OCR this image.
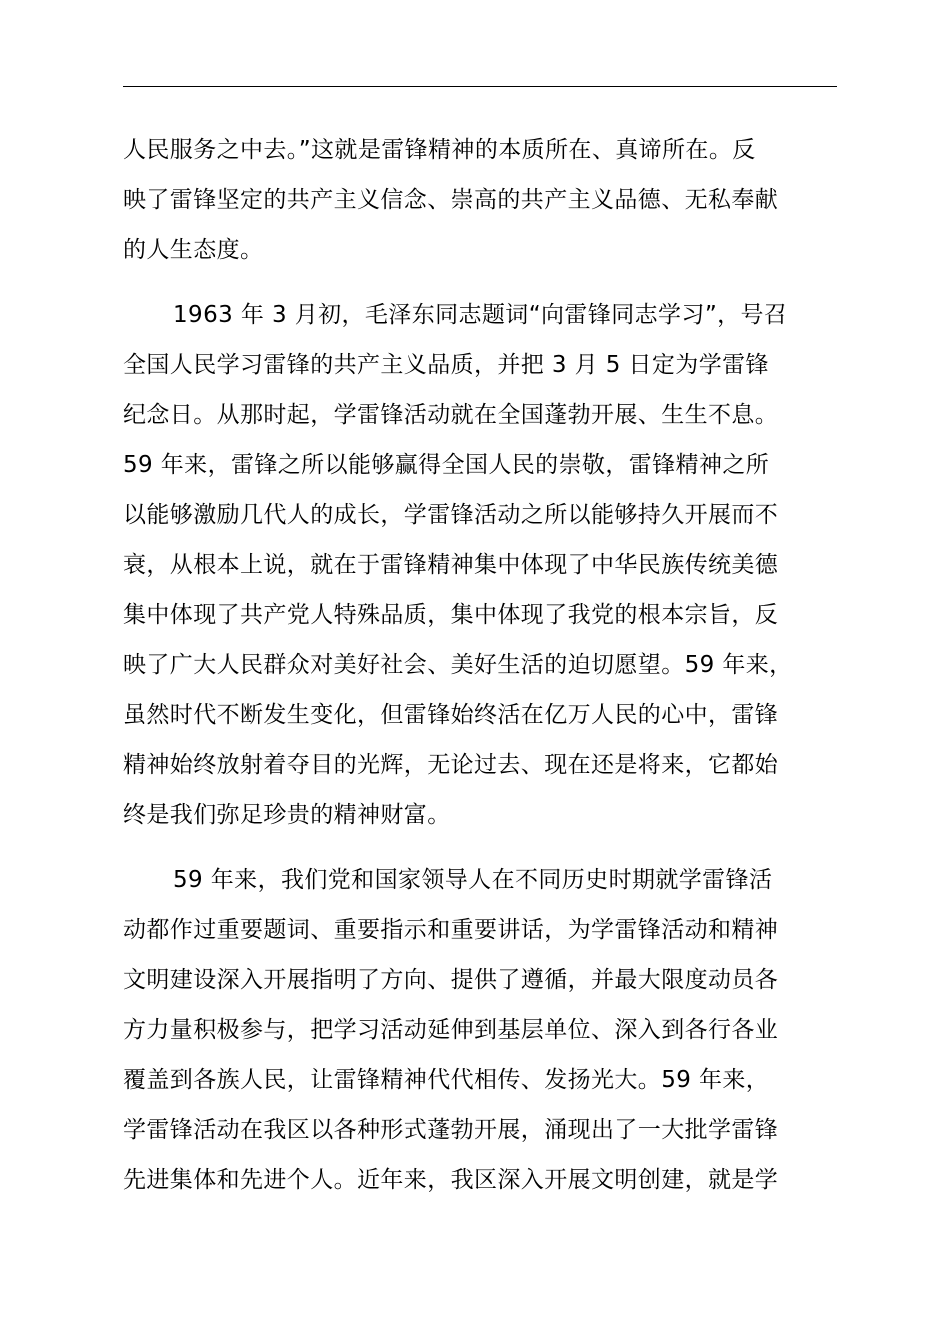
人民服务之中去。”这就是雷锋精神的本质所在、真谛所在。反
映了雷锋坚定的共产主义信念、崇高的共产主义品德、无私奉献
的人生态度。

1963 年 3 月初，毛泽东同志题词“向雷锋同志学习”，号召
全国人民学习雷锋的共产主义品质，并把 3 月 5 日定为学雷锋
纪念日。从那时起，学雷锋活动就在全国蓬勃开展、生生不息。
59 年来，雷锋之所以能够赢得全国人民的崇敬，雷锋精神之所
以能够激励几代人的成长，学雷锋活动之所以能够持久开展而不
衰，从根本上说，就在于雷锋精神集中体现了中华民族传统美德
集中体现了共产党人特殊品质，集中体现了我党的根本宗旨，反
映了广大人民群众对美好社会、美好生活的迫切愿望。59 年来，
虽然时代不断发生变化，但雷锋始终活在亿万人民的心中，雷锋
精神始终放射着夺目的光辉，无论过去、现在还是将来，它都始
终是我们弥足珍贵的精神财富。

59 年来，我们党和国家领导人在不同历史时期就学雷锋活
动都作过重要题词、重要指示和重要讲话，为学雷锋活动和精神
文明建设深入开展指明了方向、提供了遵循，并最大限度动员各
方力量积极参与，把学习活动延伸到基层单位、深入到各行各业
覆盖到各族人民，让雷锋精神代代相传、发扬光大。59 年来，
学雷锋活动在我区以各种形式蓬勃开展，涌现出了一大批学雷锋
先进集体和先进个人。近年来，我区深入开展文明创建，就是学
